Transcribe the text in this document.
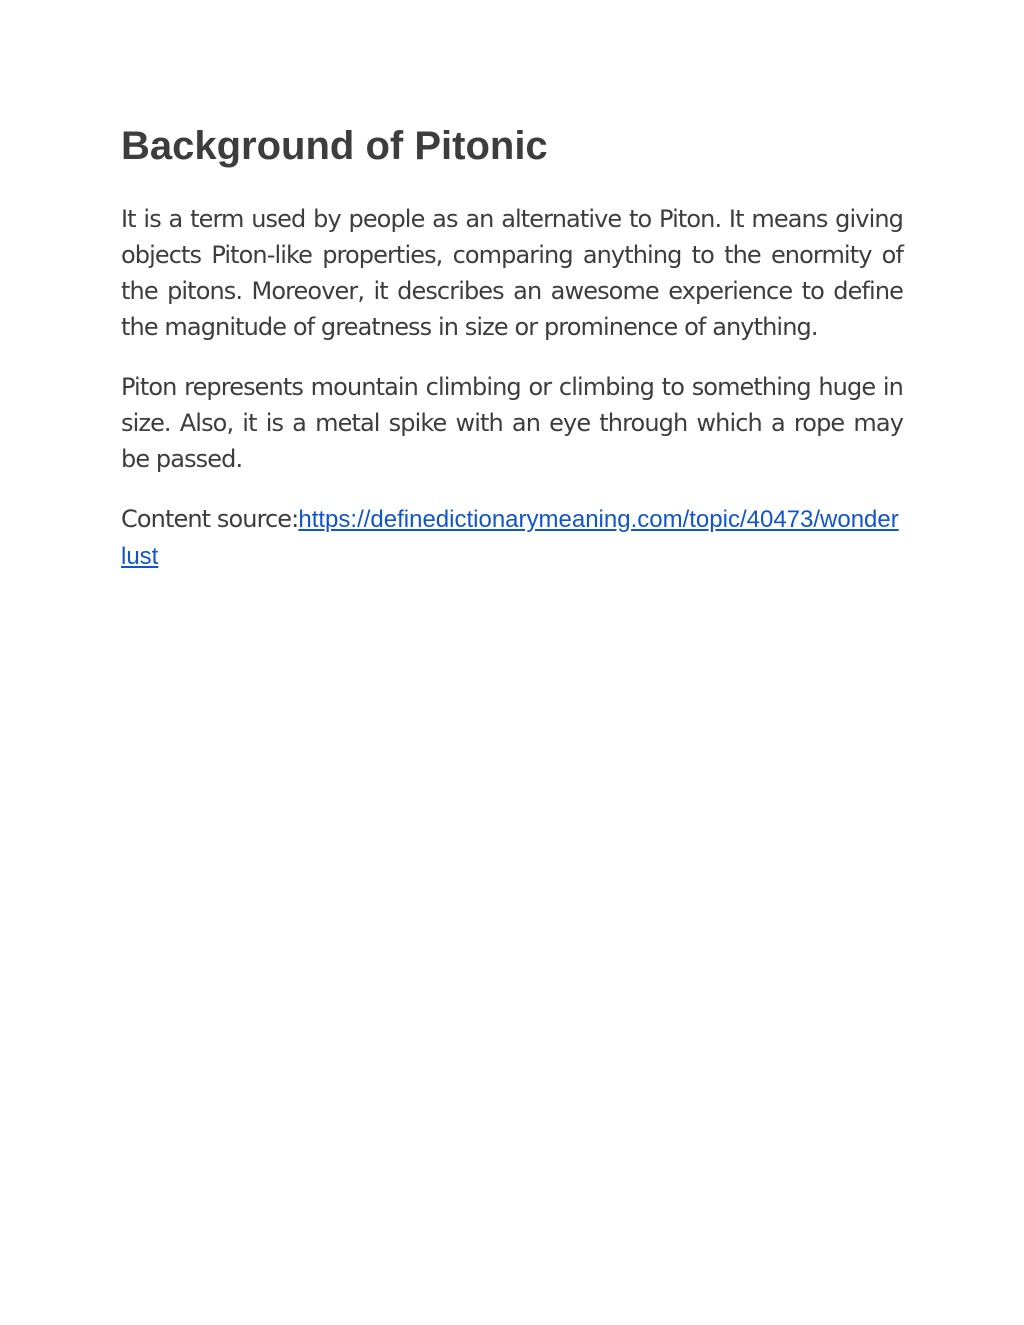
Background of Pitonic

It is a term used by people as an alternative to Piton. It means giving objects Piton-like properties, comparing anything to the enormity of the pitons. Moreover, it describes an awesome experience to define the magnitude of greatness in size or prominence of anything.

Piton represents mountain climbing or climbing to something huge in size. Also, it is a metal spike with an eye through which a rope may be passed.

Content source:https://definedictionarymeaning.com/topic/40473/wonderlust
